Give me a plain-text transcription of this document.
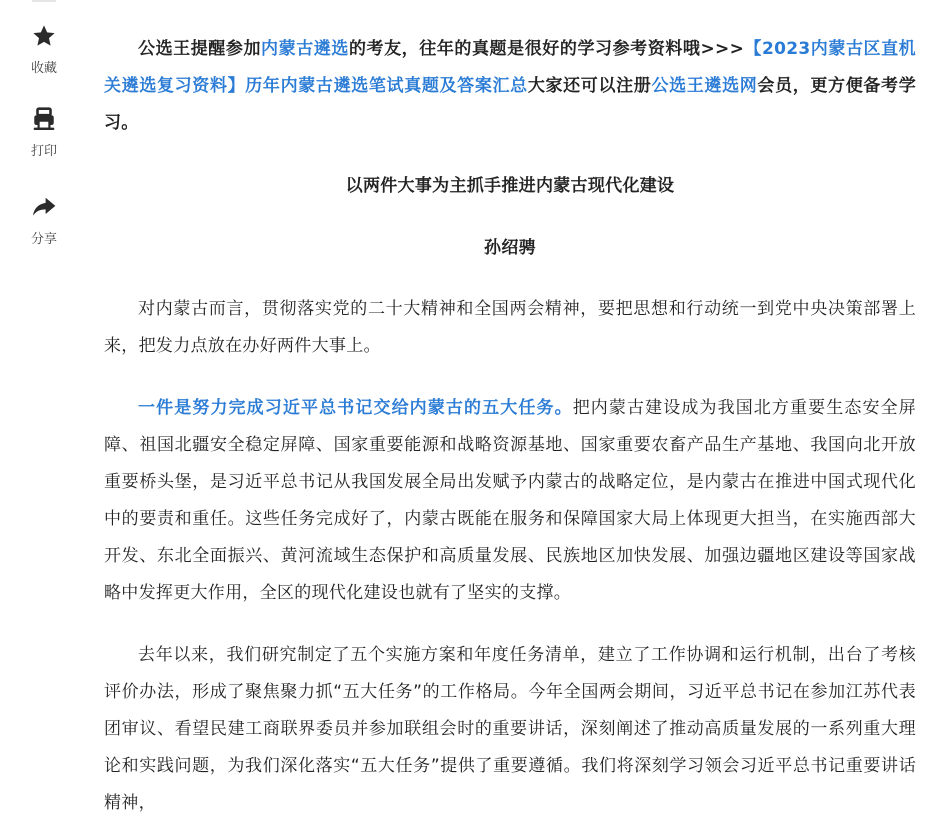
收藏
打印
分享

公选王提醒参加内蒙古遴选的考友，往年的真题是很好的学习参考资料哦>>>【2023内蒙古区直机关遴选复习资料】历年内蒙古遴选笔试真题及答案汇总大家还可以注册公选王遴选网会员，更方便备考学习。

以两件大事为主抓手推进内蒙古现代化建设

孙绍骋

对内蒙古而言，贯彻落实党的二十大精神和全国两会精神，要把思想和行动统一到党中央决策部署上来，把发力点放在办好两件大事上。

一件是努力完成习近平总书记交给内蒙古的五大任务。把内蒙古建设成为我国北方重要生态安全屏障、祖国北疆安全稳定屏障、国家重要能源和战略资源基地、国家重要农畜产品生产基地、我国向北开放重要桥头堡，是习近平总书记从我国发展全局出发赋予内蒙古的战略定位，是内蒙古在推进中国式现代化中的要责和重任。这些任务完成好了，内蒙古既能在服务和保障国家大局上体现更大担当，在实施西部大开发、东北全面振兴、黄河流域生态保护和高质量发展、民族地区加快发展、加强边疆地区建设等国家战略中发挥更大作用，全区的现代化建设也就有了坚实的支撑。

去年以来，我们研究制定了五个实施方案和年度任务清单，建立了工作协调和运行机制，出台了考核评价办法，形成了聚焦聚力抓“五大任务”的工作格局。今年全国两会期间，习近平总书记在参加江苏代表团审议、看望民建工商联界委员并参加联组会时的重要讲话，深刻阐述了推动高质量发展的一系列重大理论和实践问题，为我们深化落实“五大任务”提供了重要遵循。我们将深刻学习领会习近平总书记重要讲话精神，
